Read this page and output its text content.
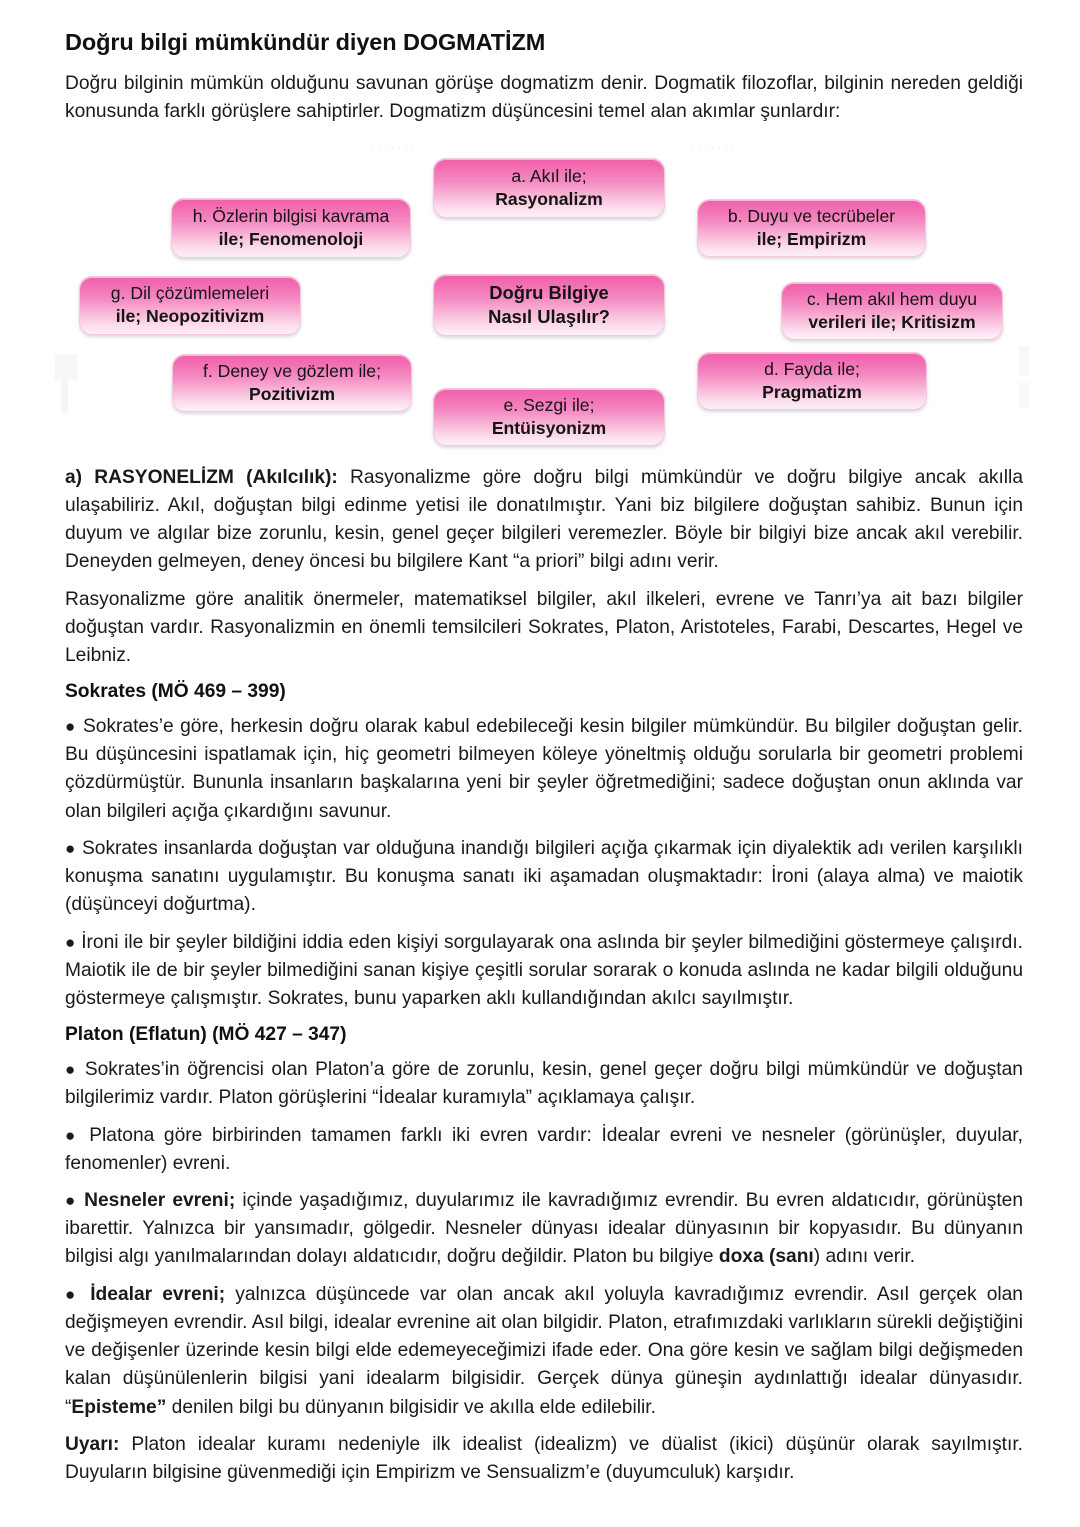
Doğru bilgi mümkündür diyen DOGMATİZM

Doğru bilginin mümkün olduğunu savunan görüşe dogmatizm denir. Dogmatik filozoflar, bilginin nereden geldiği konusunda farklı görüşlere sahiptirler. Dogmatizm düşüncesini temel alan akımlar şunlardır:

·······	·······
a. Akıl ile;
Rasyonalizm
h. Özlerin bilgisi kavrama
ile; Fenomenoloji
b. Duyu ve tecrübeler
ile; Empirizm
g. Dil çözümlemeleri
ile; Neopozitivizm
Doğru Bilgiye
Nasıl Ulaşılır?
c. Hem akıl hem duyu
verileri ile; Kritisizm
f. Deney ve gözlem ile;
Pozitivizm
d. Fayda ile;
Pragmatizm
e. Sezgi ile;
Entüisyonizm

a) RASYONELİZM (Akılcılık): Rasyonalizme göre doğru bilgi mümkündür ve doğru bilgiye ancak akılla ulaşabiliriz. Akıl, doğuştan bilgi edinme yetisi ile donatılmıştır. Yani biz bilgilere doğuştan sahibiz. Bunun için duyum ve algılar bize zorunlu, kesin, genel geçer bilgileri veremezler. Böyle bir bilgiyi bize ancak akıl verebilir. Deneyden gelmeyen, deney öncesi bu bilgilere Kant “a priori” bilgi adını verir.

Rasyonalizme göre analitik önermeler, matematiksel bilgiler, akıl ilkeleri, evrene ve Tanrı’ya ait bazı bilgiler doğuştan vardır. Rasyonalizmin en önemli temsilcileri Sokrates, Platon, Aristoteles, Farabi, Descartes, Hegel ve Leibniz.

Sokrates (MÖ 469 – 399)

● Sokrates’e göre, herkesin doğru olarak kabul edebileceği kesin bilgiler mümkündür. Bu bilgiler doğuştan gelir. Bu düşüncesini ispatlamak için, hiç geometri bilmeyen köleye yöneltmiş olduğu sorularla bir geometri problemi çözdürmüştür. Bununla insanların başkalarına yeni bir şeyler öğretmediğini; sadece doğuştan onun aklında var olan bilgileri açığa çıkardığını savunur.

● Sokrates insanlarda doğuştan var olduğuna inandığı bilgileri açığa çıkarmak için diyalektik adı verilen karşılıklı konuşma sanatını uygulamıştır. Bu konuşma sanatı iki aşamadan oluşmaktadır: İroni (alaya alma) ve maiotik (düşünceyi doğurtma).

● İroni ile bir şeyler bildiğini iddia eden kişiyi sorgulayarak ona aslında bir şeyler bilmediğini göstermeye çalışırdı. Maiotik ile de bir şeyler bilmediğini sanan kişiye çeşitli sorular sorarak o konuda aslında ne kadar bilgili olduğunu göstermeye çalışmıştır. Sokrates, bunu yaparken aklı kullandığından akılcı sayılmıştır.

Platon (Eflatun) (MÖ 427 – 347)

● Sokrates’in öğrencisi olan Platon’a göre de zorunlu, kesin, genel geçer doğru bilgi mümkündür ve doğuştan bilgilerimiz vardır. Platon görüşlerini “İdealar kuramıyla” açıklamaya çalışır.

● Platona göre birbirinden tamamen farklı iki evren vardır: İdealar evreni ve nesneler (görünüşler, duyular, fenomenler) evreni.

● Nesneler evreni; içinde yaşadığımız, duyularımız ile kavradığımız evrendir. Bu evren aldatıcıdır, görünüşten ibarettir. Yalnızca bir yansımadır, gölgedir. Nesneler dünyası idealar dünyasının bir kopyasıdır. Bu dünyanın bilgisi algı yanılmalarından dolayı aldatıcıdır, doğru değildir. Platon bu bilgiye doxa (sanı) adını verir.

● İdealar evreni; yalnızca düşüncede var olan ancak akıl yoluyla kavradığımız evrendir. Asıl gerçek olan değişmeyen evrendir. Asıl bilgi, idealar evrenine ait olan bilgidir. Platon, etrafımızdaki varlıkların sürekli değiştiğini ve değişenler üzerinde kesin bilgi elde edemeyeceğimizi ifade eder. Ona göre kesin ve sağlam bilgi değişmeden kalan düşünülenlerin bilgisi yani idealarm bilgisidir. Gerçek dünya güneşin aydınlattığı idealar dünyasıdır. “Episteme” denilen bilgi bu dünyanın bilgisidir ve akılla elde edilebilir.

Uyarı: Platon idealar kuramı nedeniyle ilk idealist (idealizm) ve düalist (ikici) düşünür olarak sayılmıştır. Duyuların bilgisine güvenmediği için Empirizm ve Sensualizm’e (duyumculuk) karşıdır.
